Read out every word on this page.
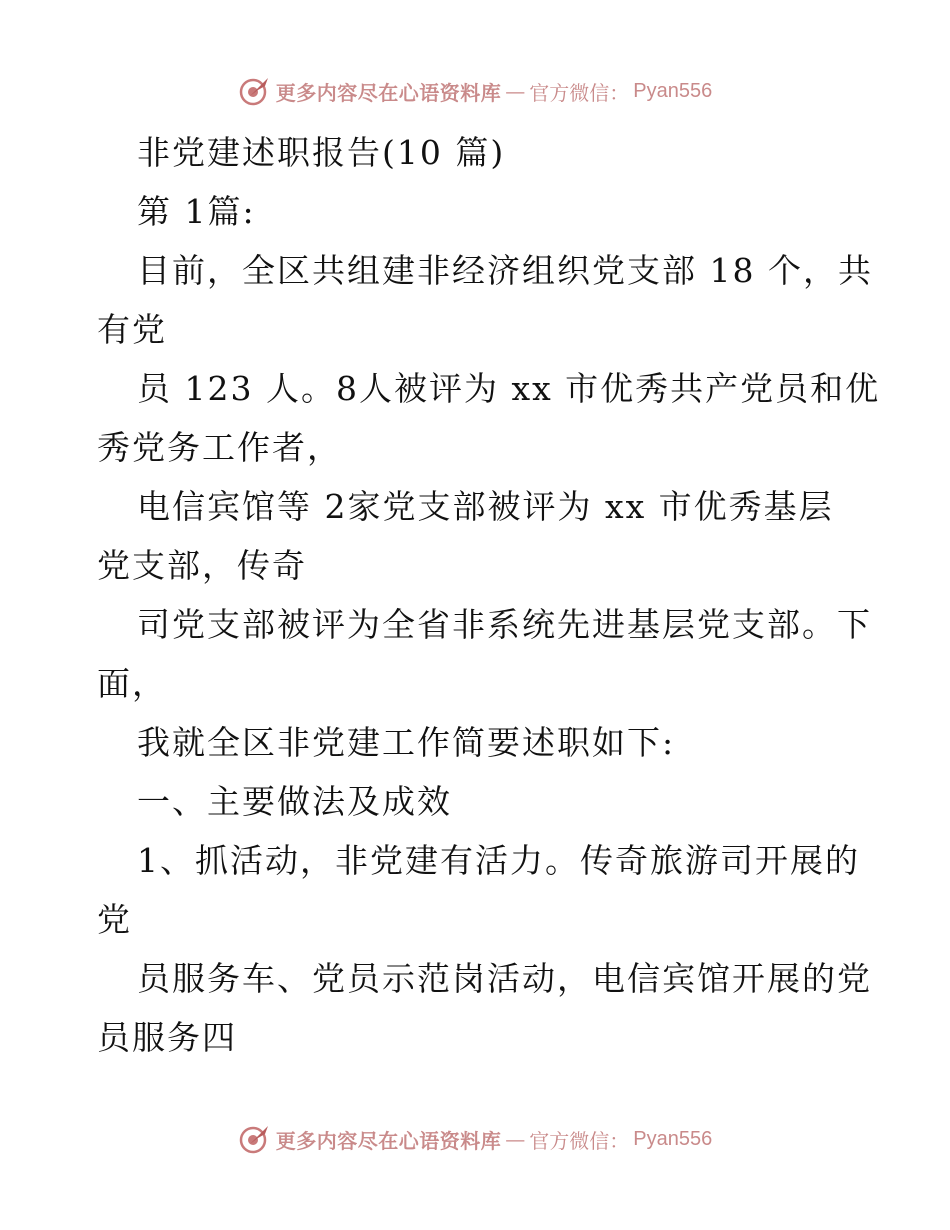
更多内容尽在心语资料库 — 官方微信： Pyan556
非党建述职报告(10 篇)
第 1篇:
目前，全区共组建非经济组织党支部 18 个，共
有党
员 123 人。8人被评为 xx 市优秀共产党员和优
秀党务工作者，
电信宾馆等 2家党支部被评为 xx 市优秀基层
党支部，传奇
司党支部被评为全省非系统先进基层党支部。下
面，
我就全区非党建工作简要述职如下:
一、主要做法及成效
1、抓活动，非党建有活力。传奇旅游司开展的
党
员服务车、党员示范岗活动，电信宾馆开展的党
员服务四
更多内容尽在心语资料库 — 官方微信： Pyan556
